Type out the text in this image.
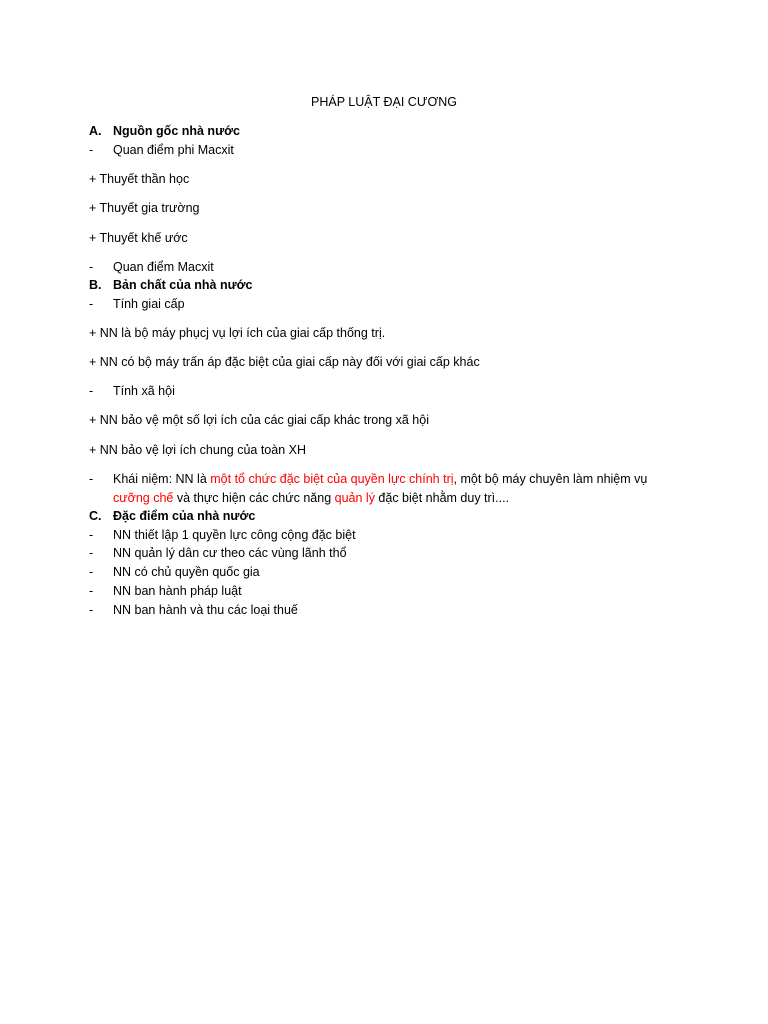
PHÁP LUẬT ĐẠI CƯƠNG
A. Nguồn gốc nhà nước
- Quan điểm phi Macxit
+ Thuyết thần học
+ Thuyết gia trường
+ Thuyết khế ước
- Quan điểm Macxit
B. Bản chất của nhà nước
- Tính giai cấp
+ NN là bộ máy phụcj vụ lợi ích của giai cấp thống trị.
+ NN có bộ máy trấn áp đặc biệt của giai cấp này đối với giai cấp khác
- Tính xã hội
+ NN bảo vệ một số lợi ích của các giai cấp khác trong xã hội
+ NN bảo vệ lợi ích chung của toàn XH
- Khái niệm: NN là một tổ chức đặc biệt của quyền lực chính trị, một bộ máy chuyên làm nhiệm vụ
cưỡng chế và thực hiện các chức năng quản lý đặc biệt nhằm duy trì....
C. Đặc điểm của nhà nước
- NN thiết lập 1 quyền lực công cộng đặc biệt
- NN quản lý dân cư theo các vùng lãnh thổ
- NN có chủ quyền quốc gia
- NN ban hành pháp luật
- NN ban hành và thu các loại thuế
